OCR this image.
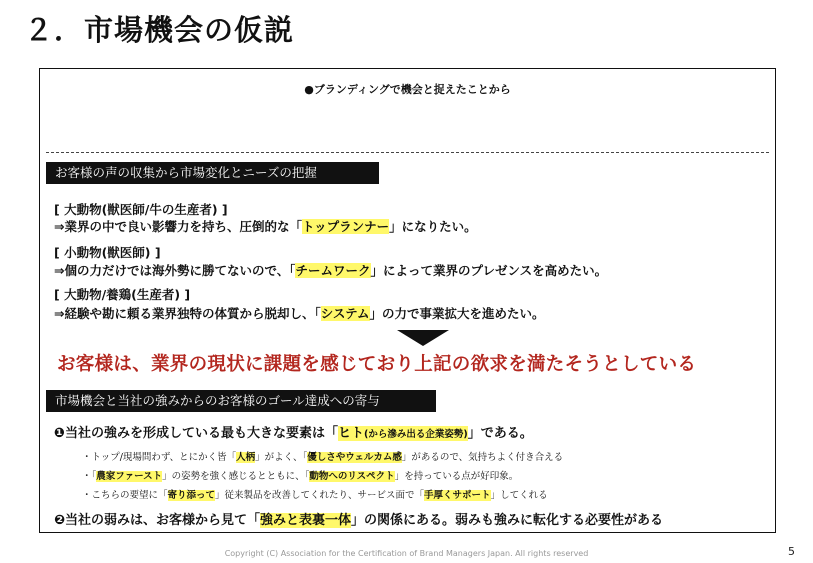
２．市場機会の仮説
●ブランディングで機会と捉えたことから
お客様の声の収集から市場変化とニーズの把握
[ 大動物(獣医師/牛の生産者) ]
⇒業界の中で良い影響力を持ち、圧倒的な「トップランナー」になりたい。
[ 小動物(獣医師) ]
⇒個の力だけでは海外勢に勝てないので、「チームワーク」によって業界のプレゼンスを高めたい。
[ 大動物/養鶏(生産者) ]
⇒経験や勘に頼る業界独特の体質から脱却し、「システム」の力で事業拡大を進めたい。
お客様は、業界の現状に課題を感じており上記の欲求を満たそうとしている
市場機会と当社の強みからのお客様のゴール達成への寄与
❶当社の強みを形成している最も大きな要素は「ヒト(から滲み出る企業姿勢)」である。
・トップ/現場問わず、とにかく皆「人柄」がよく、「優しさやウェルカム感」があるので、気持ちよく付き合える
・「農家ファースト」の姿勢を強く感じるとともに、「動物へのリスペクト」を持っている点が好印象。
・こちらの要望に「寄り添って」従来製品を改善してくれたり、サービス面で「手厚くサポート」してくれる
❷当社の弱みは、お客様から見て「強みと表裏一体」の関係にある。弱みも強みに転化する必要性がある
Copyright (C) Association for the Certification of Brand Managers Japan. All rights reserved	5
